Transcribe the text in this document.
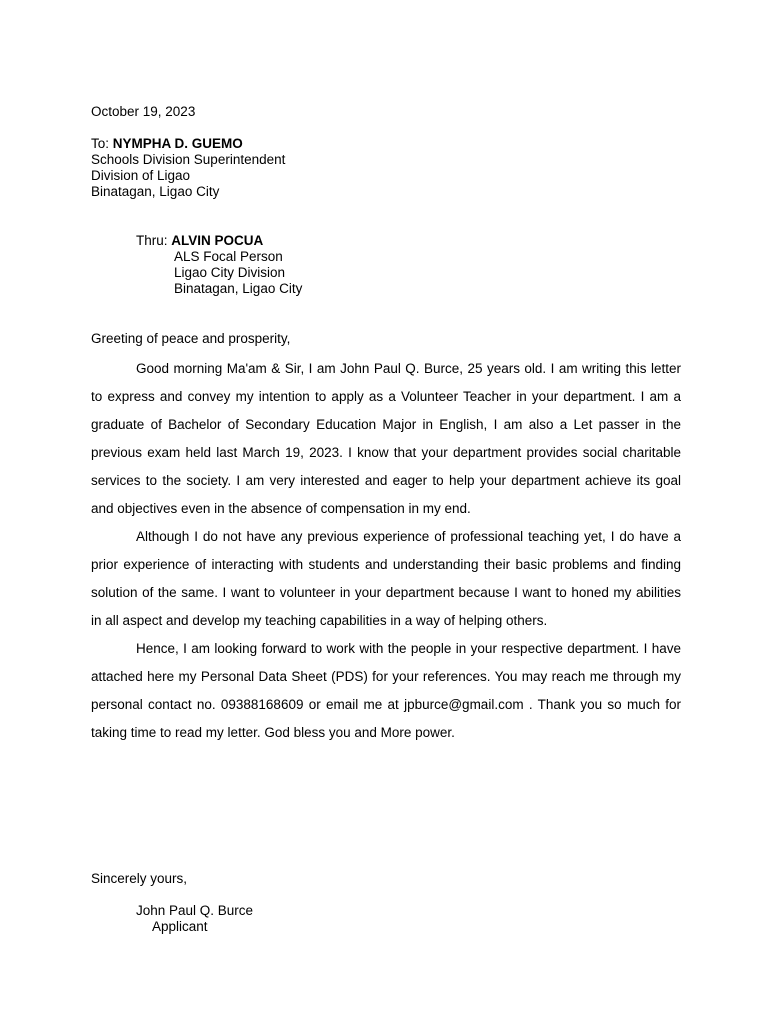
October 19, 2023
To: NYMPHA D. GUEMO
Schools Division Superintendent
Division of Ligao
Binatagan, Ligao City
Thru: ALVIN POCUA
ALS Focal Person
Ligao City Division
Binatagan, Ligao City
Greeting of peace and prosperity,

Good morning Ma'am & Sir, I am John Paul Q. Burce, 25 years old. I am writing this letter to express and convey my intention to apply as a Volunteer Teacher in your department. I am a graduate of Bachelor of Secondary Education Major in English, I am also a Let passer in the previous exam held last March 19, 2023. I know that your department provides social charitable services to the society. I am very interested and eager to help your department achieve its goal and objectives even in the absence of compensation in my end.

Although I do not have any previous experience of professional teaching yet, I do have a prior experience of interacting with students and understanding their basic problems and finding solution of the same. I want to volunteer in your department because I want to honed my abilities in all aspect and develop my teaching capabilities in a way of helping others.

Hence, I am looking forward to work with the people in your respective department. I have attached here my Personal Data Sheet (PDS) for your references. You may reach me through my personal contact no. 09388168609 or email me at jpburce@gmail.com . Thank you so much for taking time to read my letter. God bless you and More power.

Sincerely yours,
John Paul Q. Burce
Applicant
